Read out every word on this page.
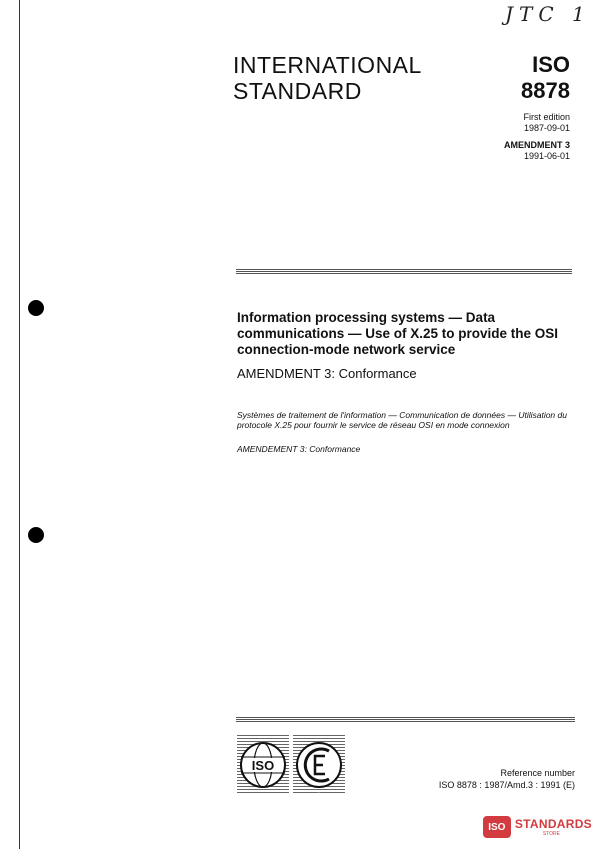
JTC 1
INTERNATIONAL
STANDARD
ISO
8878
First edition
1987-09-01
AMENDMENT 3
1991-06-01
Information processing systems — Data communications — Use of X.25 to provide the OSI connection-mode network service
AMENDMENT 3: Conformance
Systèmes de traitement de l'information — Communication de données — Utilisation du protocole X.25 pour fournir le service de réseau OSI en mode connexion
AMENDEMENT 3: Conformance
ISO
IEC
Reference number
ISO 8878 : 1987/Amd.3 : 1991 (E)
ISO STANDARDS
STORE
